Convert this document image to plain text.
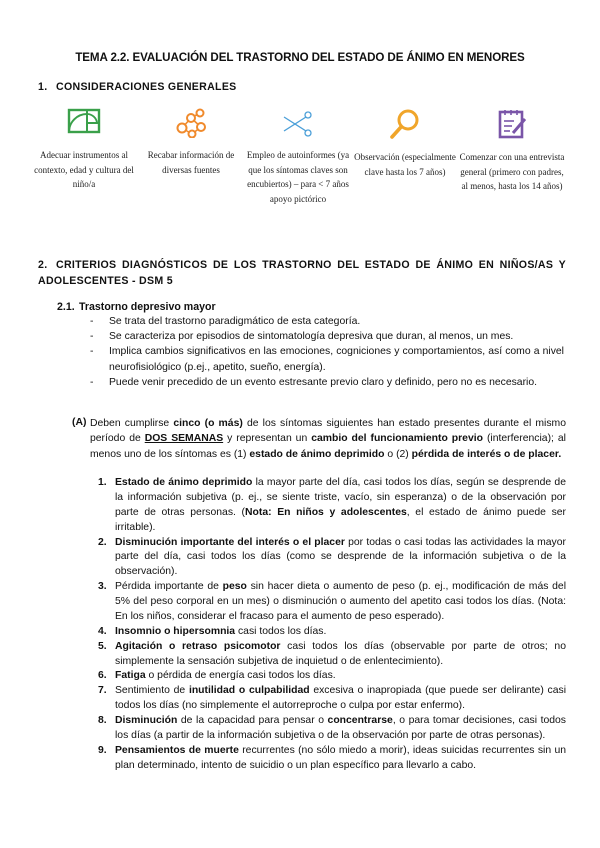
TEMA 2.2. EVALUACIÓN DEL TRASTORNO DEL ESTADO DE ÁNIMO EN MENORES
1. CONSIDERACIONES GENERALES
Adecuar instrumentos al contexto, edad y cultura del niño/a
Recabar información de diversas fuentes
Empleo de autoinformes (ya que los síntomas claves son encubiertos) – para < 7 años apoyo pictórico
Observación (especialmente clave hasta los 7 años)
Comenzar con una entrevista general (primero con padres, al menos, hasta los 14 años)
2. CRITERIOS DIAGNÓSTICOS DE LOS TRASTORNO DEL ESTADO DE ÁNIMO EN NIÑOS/AS Y ADOLESCENTES - DSM 5
2.1. Trastorno depresivo mayor
- Se trata del trastorno paradigmático de esta categoría.
- Se caracteriza por episodios de sintomatología depresiva que duran, al menos, un mes.
- Implica cambios significativos en las emociones, cogniciones y comportamientos, así como a nivel neurofisiológico (p.ej., apetito, sueño, energía).
- Puede venir precedido de un evento estresante previo claro y definido, pero no es necesario.
(A) Deben cumplirse cinco (o más) de los síntomas siguientes han estado presentes durante el mismo período de DOS SEMANAS y representan un cambio del funcionamiento previo (interferencia); al menos uno de los síntomas es (1) estado de ánimo deprimido o (2) pérdida de interés o de placer.
1. Estado de ánimo deprimido la mayor parte del día, casi todos los días, según se desprende de la información subjetiva (p. ej., se siente triste, vacío, sin esperanza) o de la observación por parte de otras personas. (Nota: En niños y adolescentes, el estado de ánimo puede ser irritable).
2. Disminución importante del interés o el placer por todas o casi todas las actividades la mayor parte del día, casi todos los días (como se desprende de la información subjetiva o de la observación).
3. Pérdida importante de peso sin hacer dieta o aumento de peso (p. ej., modificación de más del 5% del peso corporal en un mes) o disminución o aumento del apetito casi todos los días. (Nota: En los niños, considerar el fracaso para el aumento de peso esperado).
4. Insomnio o hipersomnia casi todos los días.
5. Agitación o retraso psicomotor casi todos los días (observable por parte de otros; no simplemente la sensación subjetiva de inquietud o de enlentecimiento).
6. Fatiga o pérdida de energía casi todos los días.
7. Sentimiento de inutilidad o culpabilidad excesiva o inapropiada (que puede ser delirante) casi todos los días (no simplemente el autorreproche o culpa por estar enfermo).
8. Disminución de la capacidad para pensar o concentrarse, o para tomar decisiones, casi todos los días (a partir de la información subjetiva o de la observación por parte de otras personas).
9. Pensamientos de muerte recurrentes (no sólo miedo a morir), ideas suicidas recurrentes sin un plan determinado, intento de suicidio o un plan específico para llevarlo a cabo.
